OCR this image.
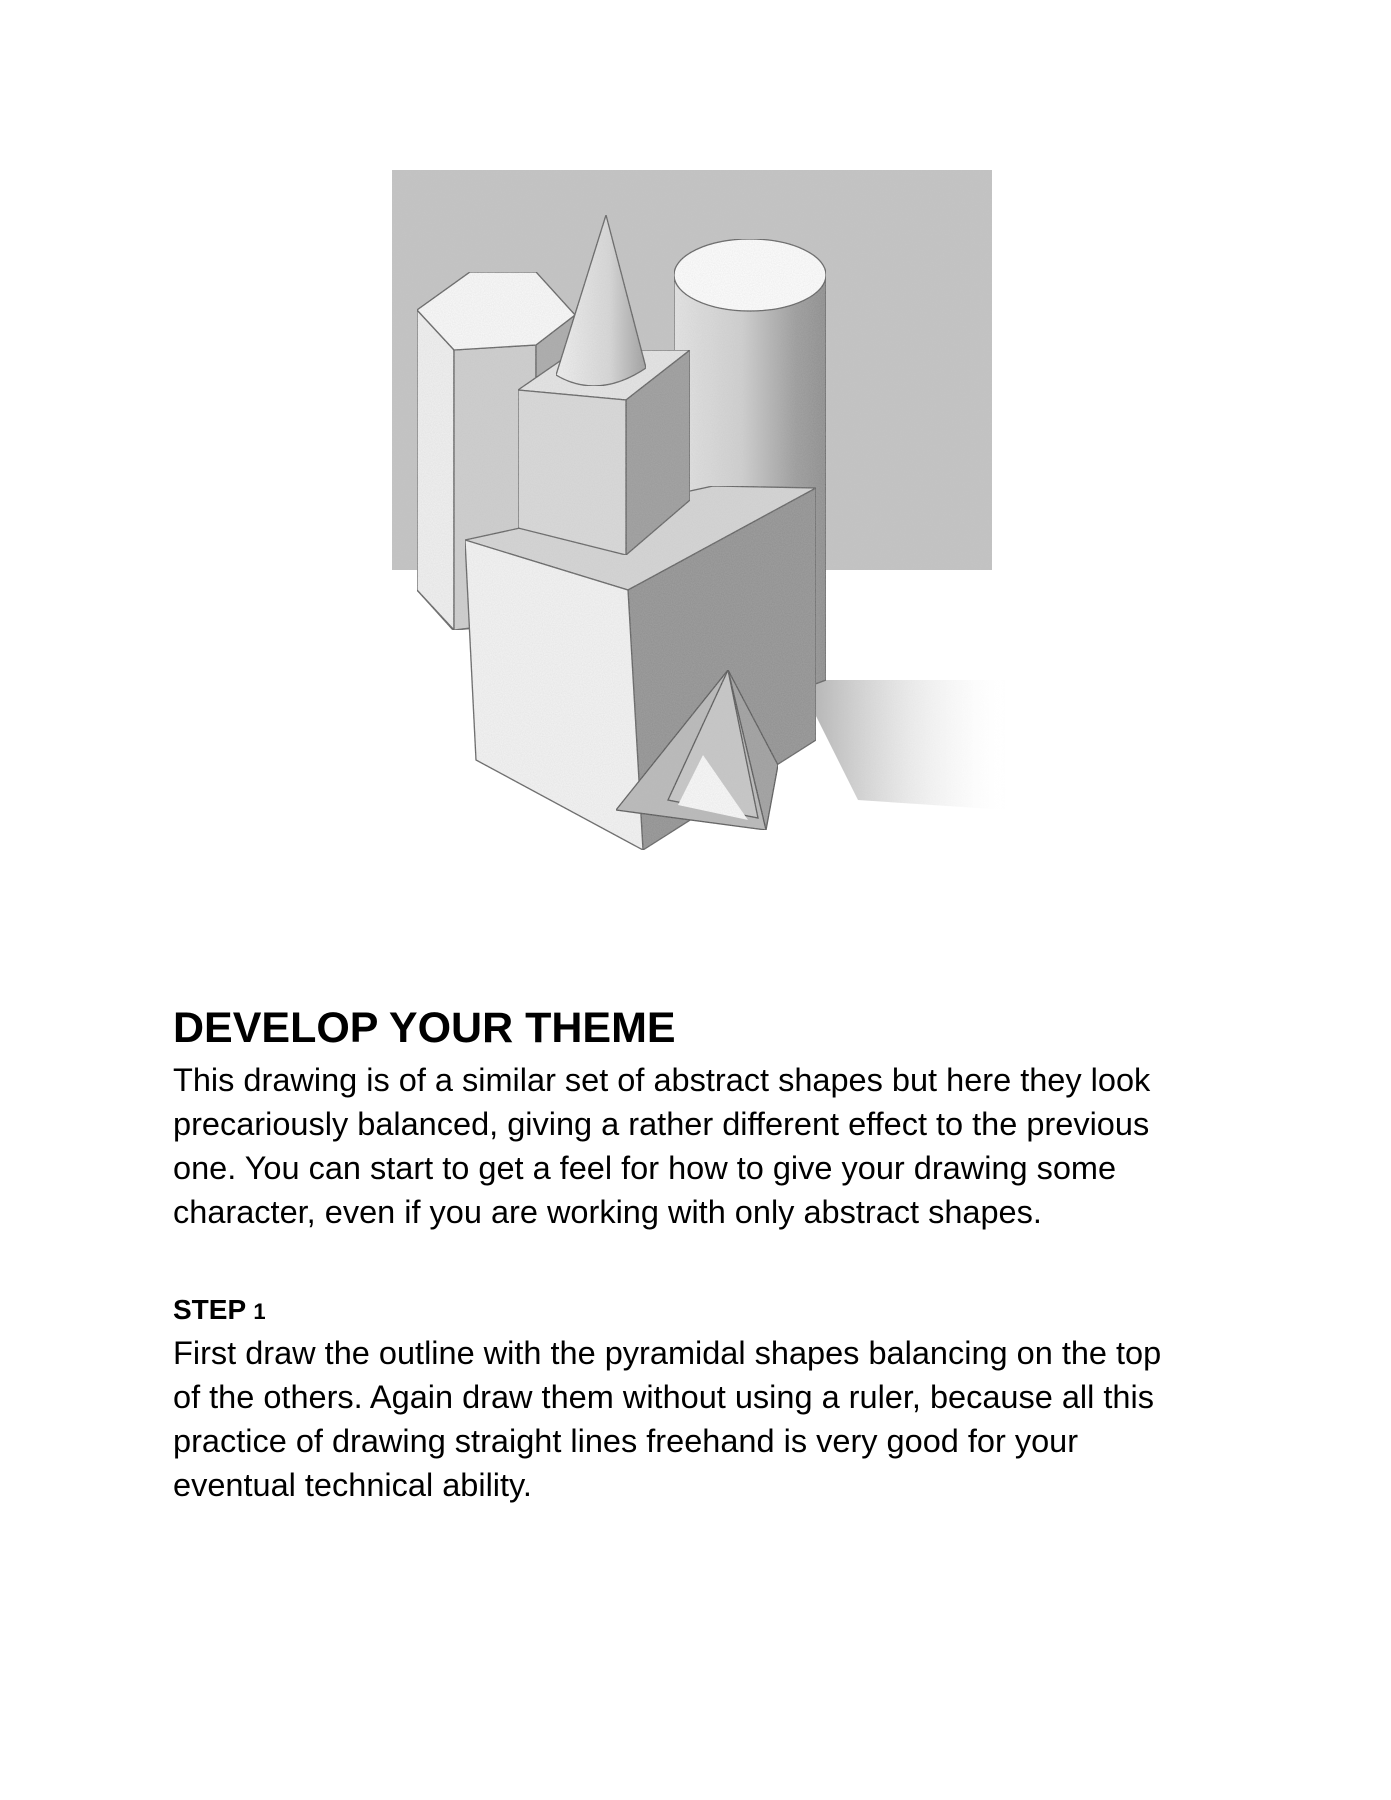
DEVELOP YOUR THEME

This drawing is of a similar set of abstract shapes but here they look
precariously balanced, giving a rather different effect to the previous
one. You can start to get a feel for how to give your drawing some
character, even if you are working with only abstract shapes.

STEP 1

First draw the outline with the pyramidal shapes balancing on the top
of the others. Again draw them without using a ruler, because all this
practice of drawing straight lines freehand is very good for your
eventual technical ability.
